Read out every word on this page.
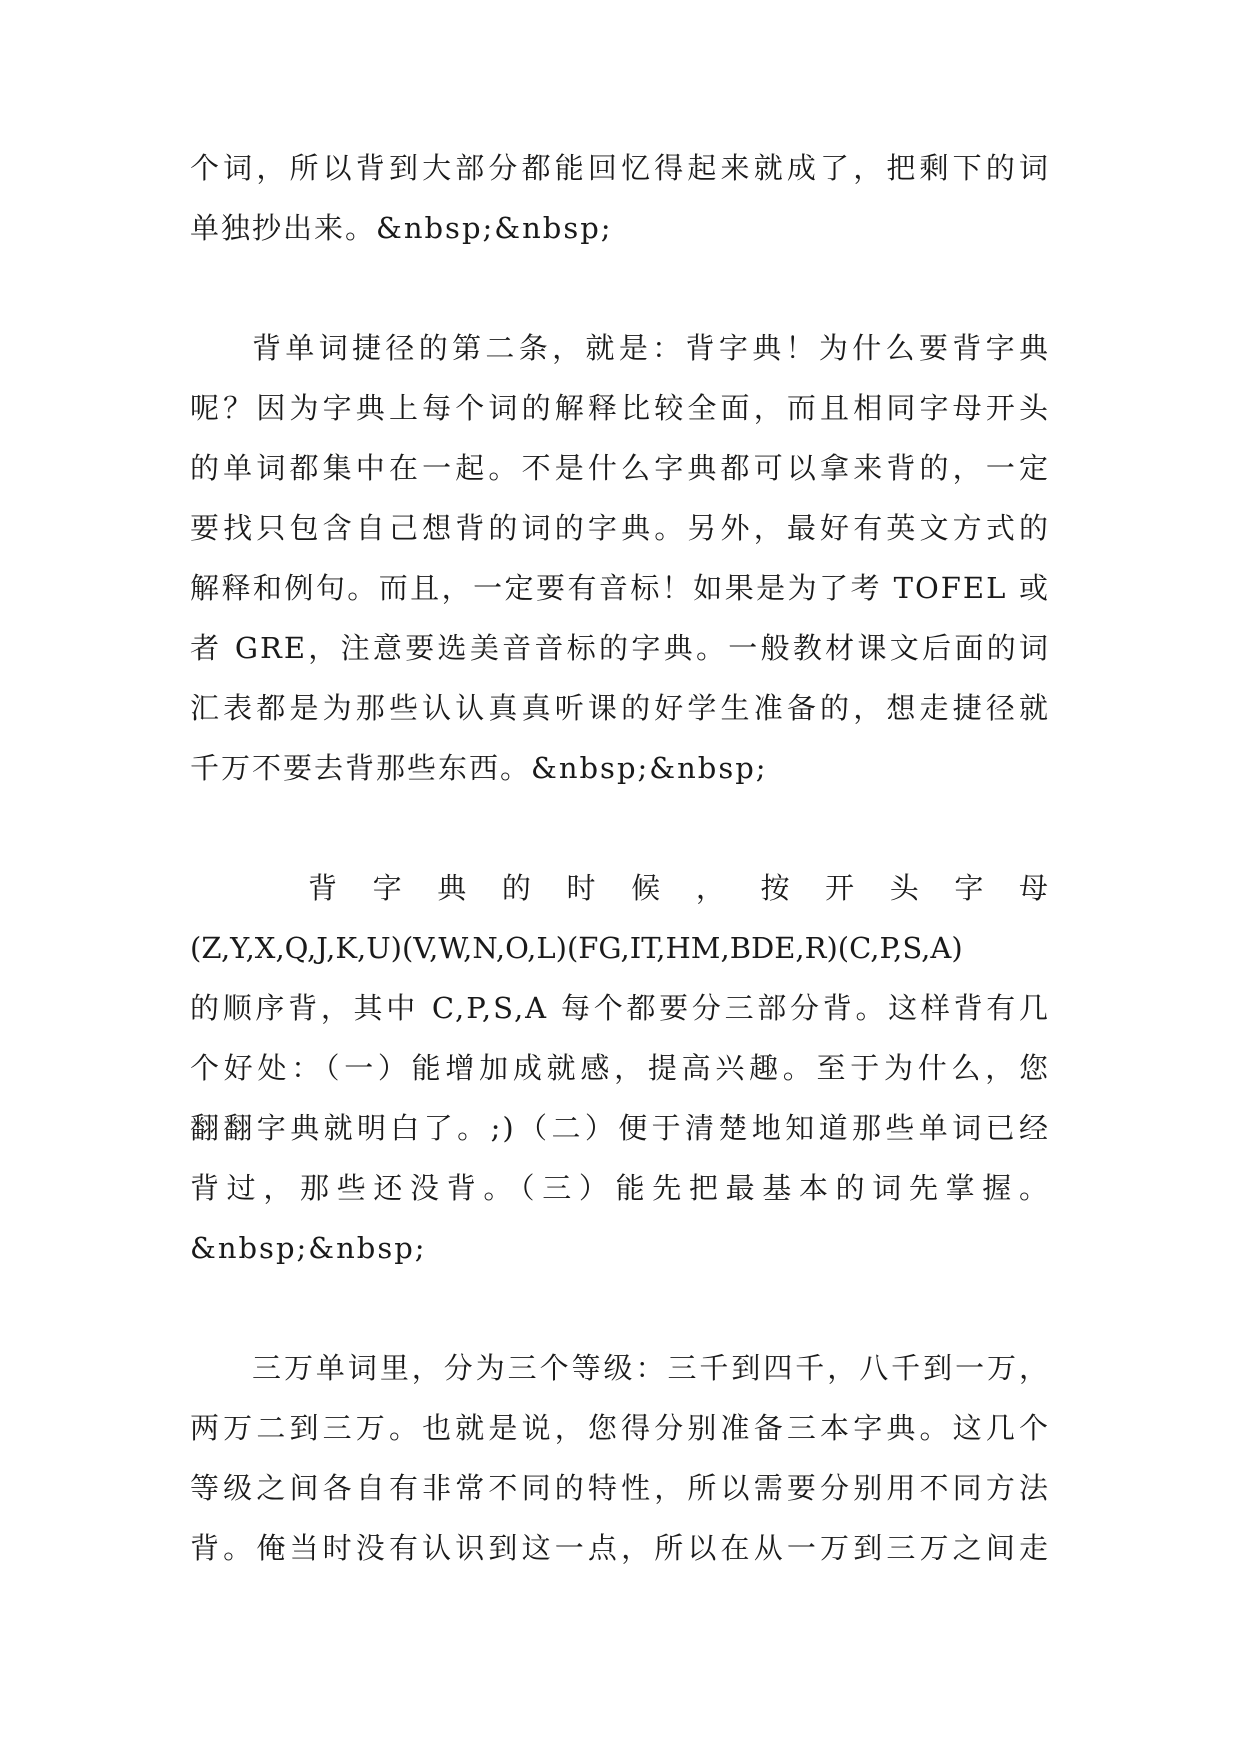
个词，所以背到大部分都能回忆得起来就成了，把剩下的词
单独抄出来。&nbsp;&nbsp;
背单词捷径的第二条，就是：背字典！为什么要背字典
呢？因为字典上每个词的解释比较全面，而且相同字母开头
的单词都集中在一起。不是什么字典都可以拿来背的，一定
要找只包含自己想背的词的字典。另外，最好有英文方式的
解释和例句。而且，一定要有音标！如果是为了考 TOFEL 或
者 GRE，注意要选美音音标的字典。一般教材课文后面的词
汇表都是为那些认认真真听课的好学生准备的，想走捷径就
千万不要去背那些东西。&nbsp;&nbsp;
背 字 典 的 时 候 ， 按 开 头 字 母
(Z,Y,X,Q,J,K,U)(V,W,N,O,L)(FG,IT,HM,BDE,R)(C,P,S,A)
的顺序背，其中 C,P,S,A 每个都要分三部分背。这样背有几
个好处：（一）能增加成就感，提高兴趣。至于为什么，您
翻翻字典就明白了。;)（二）便于清楚地知道那些单词已经
背过，那些还没背。（三）能先把最基本的词先掌握。
&nbsp;&nbsp;
三万单词里，分为三个等级：三千到四千，八千到一万，
两万二到三万。也就是说，您得分别准备三本字典。这几个
等级之间各自有非常不同的特性，所以需要分别用不同方法
背。俺当时没有认识到这一点，所以在从一万到三万之间走
